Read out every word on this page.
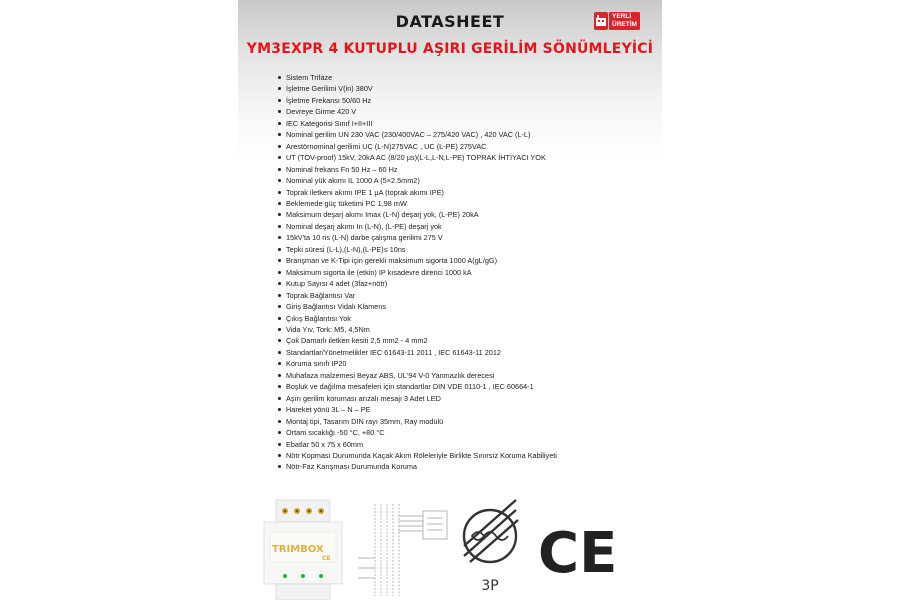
DATASHEET	YERLİ
ÜRETİM
YM3EXPR 4 KUTUPLU AŞIRI GERİLİM SÖNÜMLEYİCİ
Sistem Trifaze
İşletme Gerilimi V(in) 380V
İşletme Frekansı 50/60 Hz
Devreye Girme 420 V
IEC Kategorisi Sınıf I+II+III
Nominal gerilim UN 230 VAC (230/400VAC – 275/420 VAC) , 420 VAC (L-L)
Arestörnominal gerilimi UC (L-N)275VAC , UC (L-PE) 275VAC
UT (TOV-proof) 15kV, 20kA AC (8/20 µs)(L-L,L-N,L-PE) TOPRAK İHTİYACI YOK
Nominal frekans Fn 50 Hz – 60 Hz
Nominal yük akımı IL 1000 A (5×2.5mm2)
Toprak iletkeni akımı IPE 1 µA (toprak akımı IPE)
Beklemede güç tüketimi PC 1,98 mW
Maksimum deşarj akımı Imax (L-N) deşarj yok, (L-PE) 20kA
Nominal deşarj akımı In (L-N), (L-PE) deşarj yok
15kV'ta 10 ns (L-N) darbe çalışma gerilimi 275 V
Tepki süresi (L-L),(L-N),(L-PE)≤ 10ns
Branşman ve K-Tipi için gerekli maksimum sigorta 1000 A(gL/gG)
Maksimum sigorta ile (etkin) IP kısadevre direnci 1000 kA
Kutup Sayısı 4 adet (3faz+nötr)
Toprak Bağlantısı Var
Giriş Bağlantısı Vidalı Klamens
Çıkış Bağlantısı Yok
Vida Yıv, Tork: M5, 4,5Nm
Çok Damarlı iletken kesiti 2,5 mm2 - 4 mm2
Standartlar/Yönetmelikler IEC 61643-11 2011 , IEC 61643-11 2012
Koruma sınıfı IP20
Muhafaza malzemesi Beyaz ABS, UL'94 V-0 Yanmazlık derecesi
Boşluk ve dağılma mesafeleri için standartlar DIN VDE 0110-1 , IEC 60664-1
Aşırı gerilim koruması arızalı mesajı 3 Adet LED
Hareket yönü 3L – N – PE
Montaj tipi, Tasarım DIN rayı 35mm, Ray modülü
Ortam sıcaklığı -50 °C, +80 °C
Ebatlar 50 x 75 x 60mm
Nötr Kopması Durumunda Kaçak Akım Röleleriyle Birlikte Sınırsız Koruma Kabiliyeti
Nötr-Faz Karışması Durumunda Koruma
TRIMBOX
CE
3P CE
